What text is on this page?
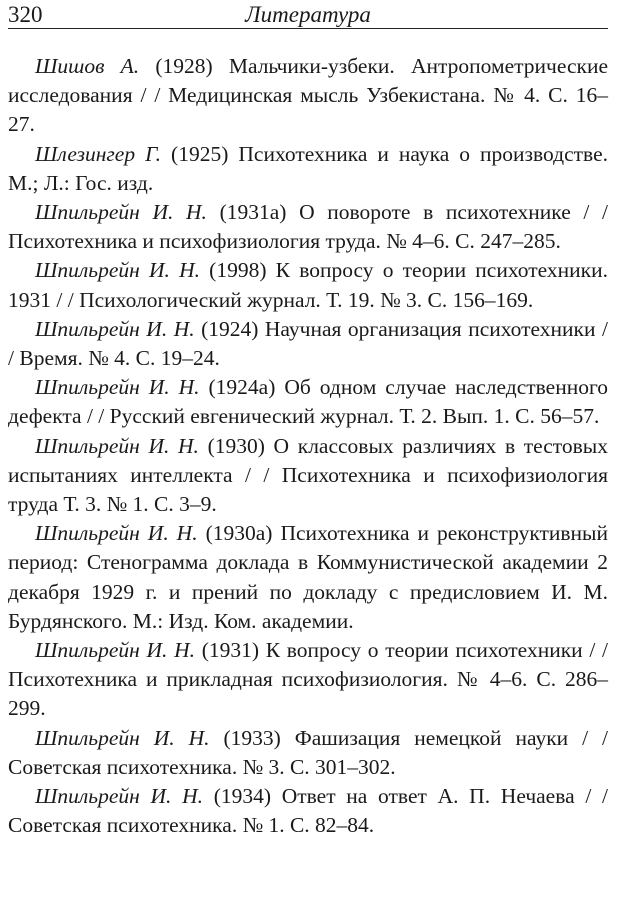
320	Литература

Шишов А. (1928) Мальчики-узбеки. Антропометрические исследования / / Медицинская мысль Узбекистана. № 4. С. 16–27.

Шлезингер Г. (1925) Психотехника и наука о производстве. М.; Л.: Гос. изд.

Шпильрейн И. Н. (1931а) О повороте в психотехнике / / Психотехника и психофизиология труда. № 4–6. С. 247–285.

Шпильрейн И. Н. (1998) К вопросу о теории психотехники. 1931 / / Психологический журнал. Т. 19. № 3. С. 156–169.

Шпильрейн И. Н. (1924) Научная организация психотехники / / Время. № 4. С. 19–24.

Шпильрейн И. Н. (1924а) Об одном случае наследственного дефекта / / Русский евгенический журнал. Т. 2. Вып. 1. С. 56–57.

Шпильрейн И. Н. (1930) О классовых различиях в тестовых испытаниях интеллекта / / Психотехника и психофизиология труда Т. 3. № 1. С. 3–9.

Шпильрейн И. Н. (1930а) Психотехника и реконструктивный период: Стенограмма доклада в Коммунистической академии 2 декабря 1929 г. и прений по докладу с предисловием И. М. Бурдянского. М.: Изд. Ком. академии.

Шпильрейн И. Н. (1931) К вопросу о теории психотехники / / Психотехника и прикладная психофизиология. № 4–6. С. 286–299.

Шпильрейн И. Н. (1933) Фашизация немецкой науки / / Советская психотехника. № 3. С. 301–302.

Шпильрейн И. Н. (1934) Ответ на ответ А. П. Нечаева / / Советская психотехника. № 1. С. 82–84.
